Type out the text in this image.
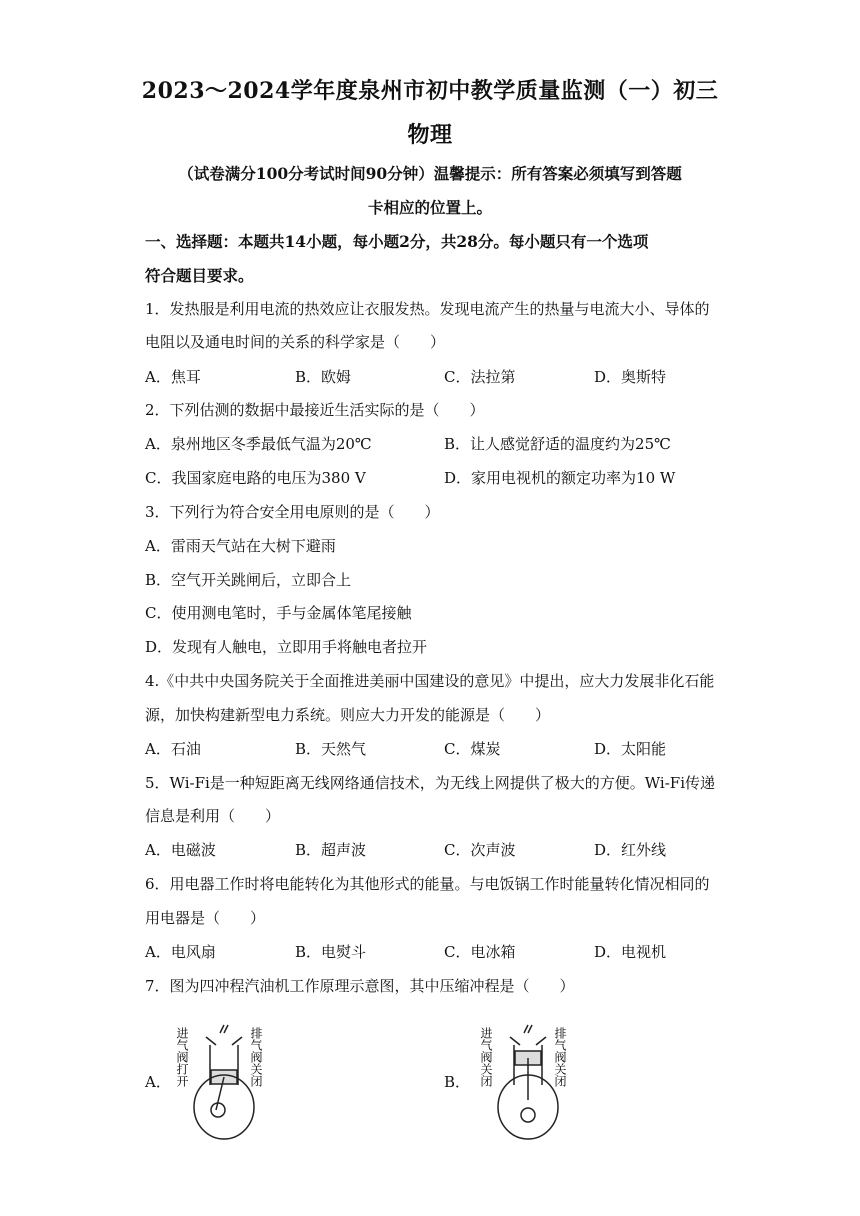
2023～2024学年度泉州市初中教学质量监测（一）初三
物理
（试卷满分100分考试时间90分钟）温馨提示：所有答案必须填写到答题
卡相应的位置上。
一、选择题：本题共14小题，每小题2分，共28分。每小题只有一个选项
符合题目要求。
1．发热服是利用电流的热效应让衣服发热。发现电流产生的热量与电流大小、导体的
电阻以及通电时间的关系的科学家是（　　）
A．焦耳	B．欧姆	C．法拉第	D．奥斯特
2．下列估测的数据中最接近生活实际的是（　　）
A．泉州地区冬季最低气温为20℃	B．让人感觉舒适的温度约为25℃
C．我国家庭电路的电压为380 V	D．家用电视机的额定功率为10 W
3．下列行为符合安全用电原则的是（　　）
A．雷雨天气站在大树下避雨
B．空气开关跳闸后，立即合上
C．使用测电笔时，手与金属体笔尾接触
D．发现有人触电，立即用手将触电者拉开
4.《中共中央国务院关于全面推进美丽中国建设的意见》中提出，应大力发展非化石能
源，加快构建新型电力系统。则应大力开发的能源是（　　）
A．石油	B．天然气	C．煤炭	D．太阳能
5．Wi-Fi是一种短距离无线网络通信技术，为无线上网提供了极大的方便。Wi-Fi传递
信息是利用（　　）
A．电磁波	B．超声波	C．次声波	D．红外线
6．用电器工作时将电能转化为其他形式的能量。与电饭锅工作时能量转化情况相同的
用电器是（　　）
A．电风扇	B．电熨斗	C．电冰箱	D．电视机
7．图为四冲程汽油机工作原理示意图，其中压缩冲程是（　　）
A． 进气阀打开	排气阀关闭	B． 进气阀关闭	排气阀关闭
